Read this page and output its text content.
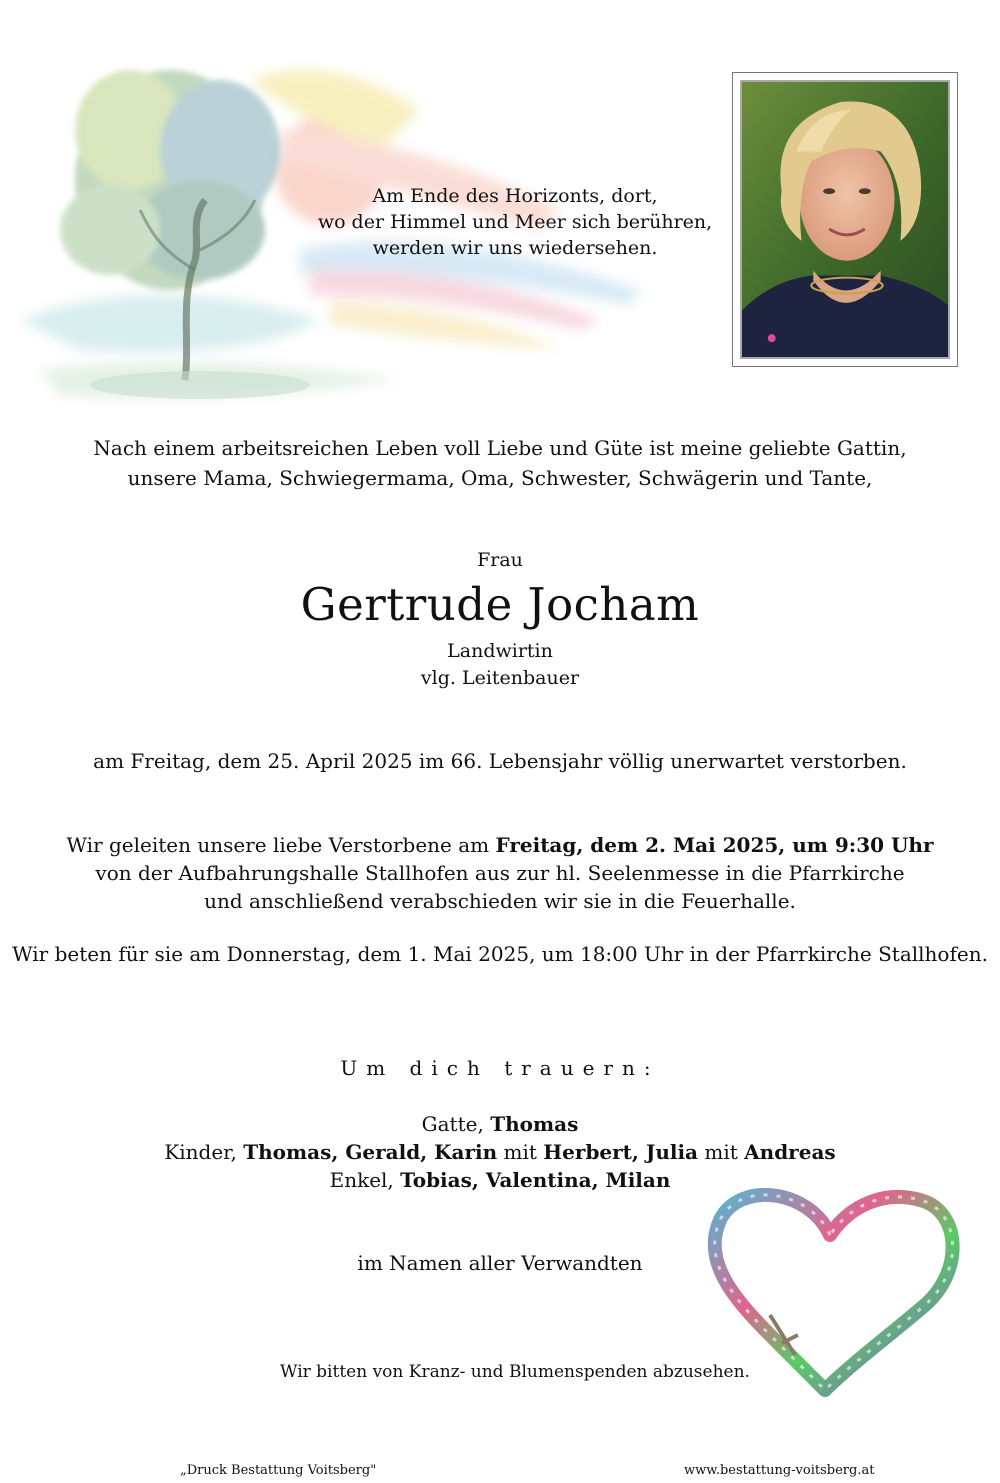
Am Ende des Horizonts, dort,
wo der Himmel und Meer sich berühren,
werden wir uns wiedersehen.
Nach einem arbeitsreichen Leben voll Liebe und Güte ist meine geliebte Gattin,
unsere Mama, Schwiegermama, Oma, Schwester, Schwägerin und Tante,
Frau
Gertrude Jocham
Landwirtin
vlg. Leitenbauer
am Freitag, dem 25. April 2025 im 66. Lebensjahr völlig unerwartet verstorben.
Wir geleiten unsere liebe Verstorbene am Freitag, dem 2. Mai 2025, um 9:30 Uhr
von der Aufbahrungshalle Stallhofen aus zur hl. Seelenmesse in die Pfarrkirche
und anschließend verabschieden wir sie in die Feuerhalle.
Wir beten für sie am Donnerstag, dem 1. Mai 2025, um 18:00 Uhr in der Pfarrkirche Stallhofen.
Um dich trauern:
Gatte, Thomas
Kinder, Thomas, Gerald, Karin mit Herbert, Julia mit Andreas
Enkel, Tobias, Valentina, Milan
im Namen aller Verwandten
Wir bitten von Kranz- und Blumenspenden abzusehen.
„Druck Bestattung Voitsberg"	www.bestattung-voitsberg.at
